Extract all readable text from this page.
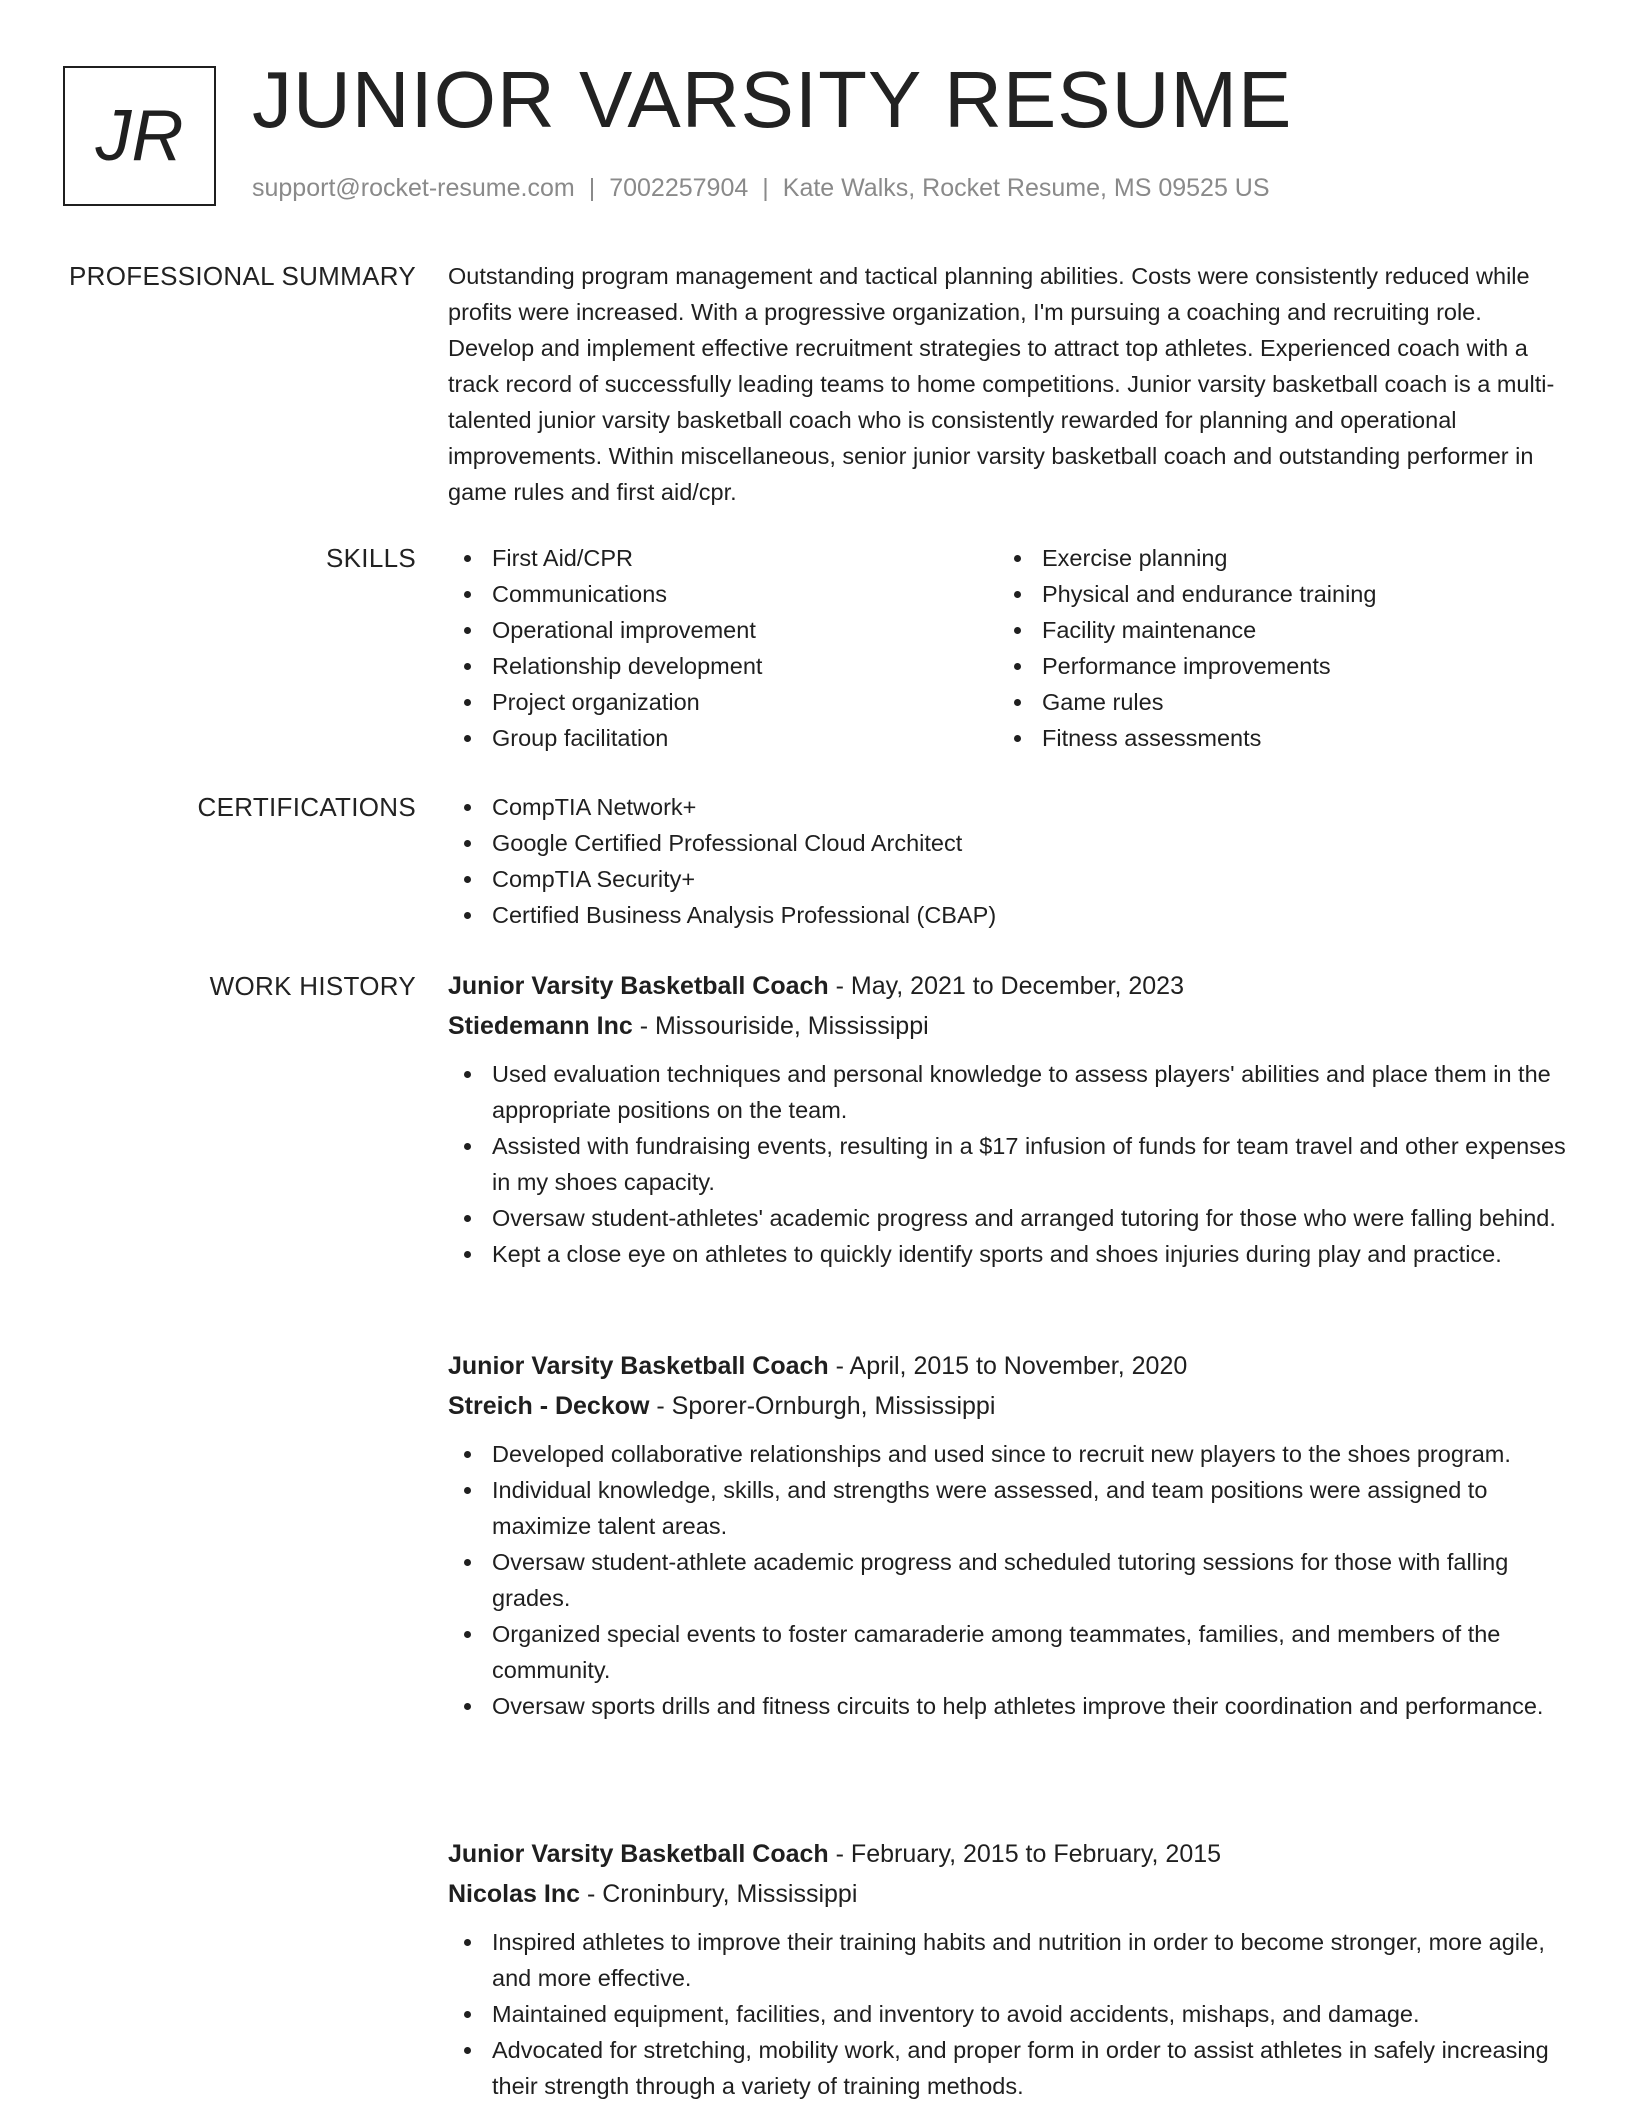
JR JUNIOR VARSITY RESUME
support@rocket-resume.com | 7002257904 | Kate Walks, Rocket Resume, MS 09525 US
PROFESSIONAL SUMMARY Outstanding program management and tactical planning abilities. Costs were consistently reduced while profits were increased. With a progressive organization, I'm pursuing a coaching and recruiting role. Develop and implement effective recruitment strategies to attract top athletes. Experienced coach with a track record of successfully leading teams to home competitions. Junior varsity basketball coach is a multi-talented junior varsity basketball coach who is consistently rewarded for planning and operational improvements. Within miscellaneous, senior junior varsity basketball coach and outstanding performer in game rules and first aid/cpr.
SKILLS	First Aid/CPR
Communications
Operational improvement
Relationship development
Project organization
Group facilitation
Exercise planning
Physical and endurance training
Facility maintenance
Performance improvements
Game rules
Fitness assessments
CERTIFICATIONS	CompTIA Network+
Google Certified Professional Cloud Architect
CompTIA Security+
Certified Business Analysis Professional (CBAP)
WORK HISTORY Junior Varsity Basketball Coach - May, 2021 to December, 2023
Stiedemann Inc - Missouriside, Mississippi
Used evaluation techniques and personal knowledge to assess players' abilities and place them in the appropriate positions on the team.
Assisted with fundraising events, resulting in a $17 infusion of funds for team travel and other expenses in my shoes capacity.
Oversaw student-athletes' academic progress and arranged tutoring for those who were falling behind.
Kept a close eye on athletes to quickly identify sports and shoes injuries during play and practice.
Junior Varsity Basketball Coach - April, 2015 to November, 2020
Streich - Deckow - Sporer-Ornburgh, Mississippi
Developed collaborative relationships and used since to recruit new players to the shoes program.
Individual knowledge, skills, and strengths were assessed, and team positions were assigned to maximize talent areas.
Oversaw student-athlete academic progress and scheduled tutoring sessions for those with falling grades.
Organized special events to foster camaraderie among teammates, families, and members of the community.
Oversaw sports drills and fitness circuits to help athletes improve their coordination and performance.
Junior Varsity Basketball Coach - February, 2015 to February, 2015
Nicolas Inc - Croninbury, Mississippi
Inspired athletes to improve their training habits and nutrition in order to become stronger, more agile, and more effective.
Maintained equipment, facilities, and inventory to avoid accidents, mishaps, and damage.
Advocated for stretching, mobility work, and proper form in order to assist athletes in safely increasing their strength through a variety of training methods.
